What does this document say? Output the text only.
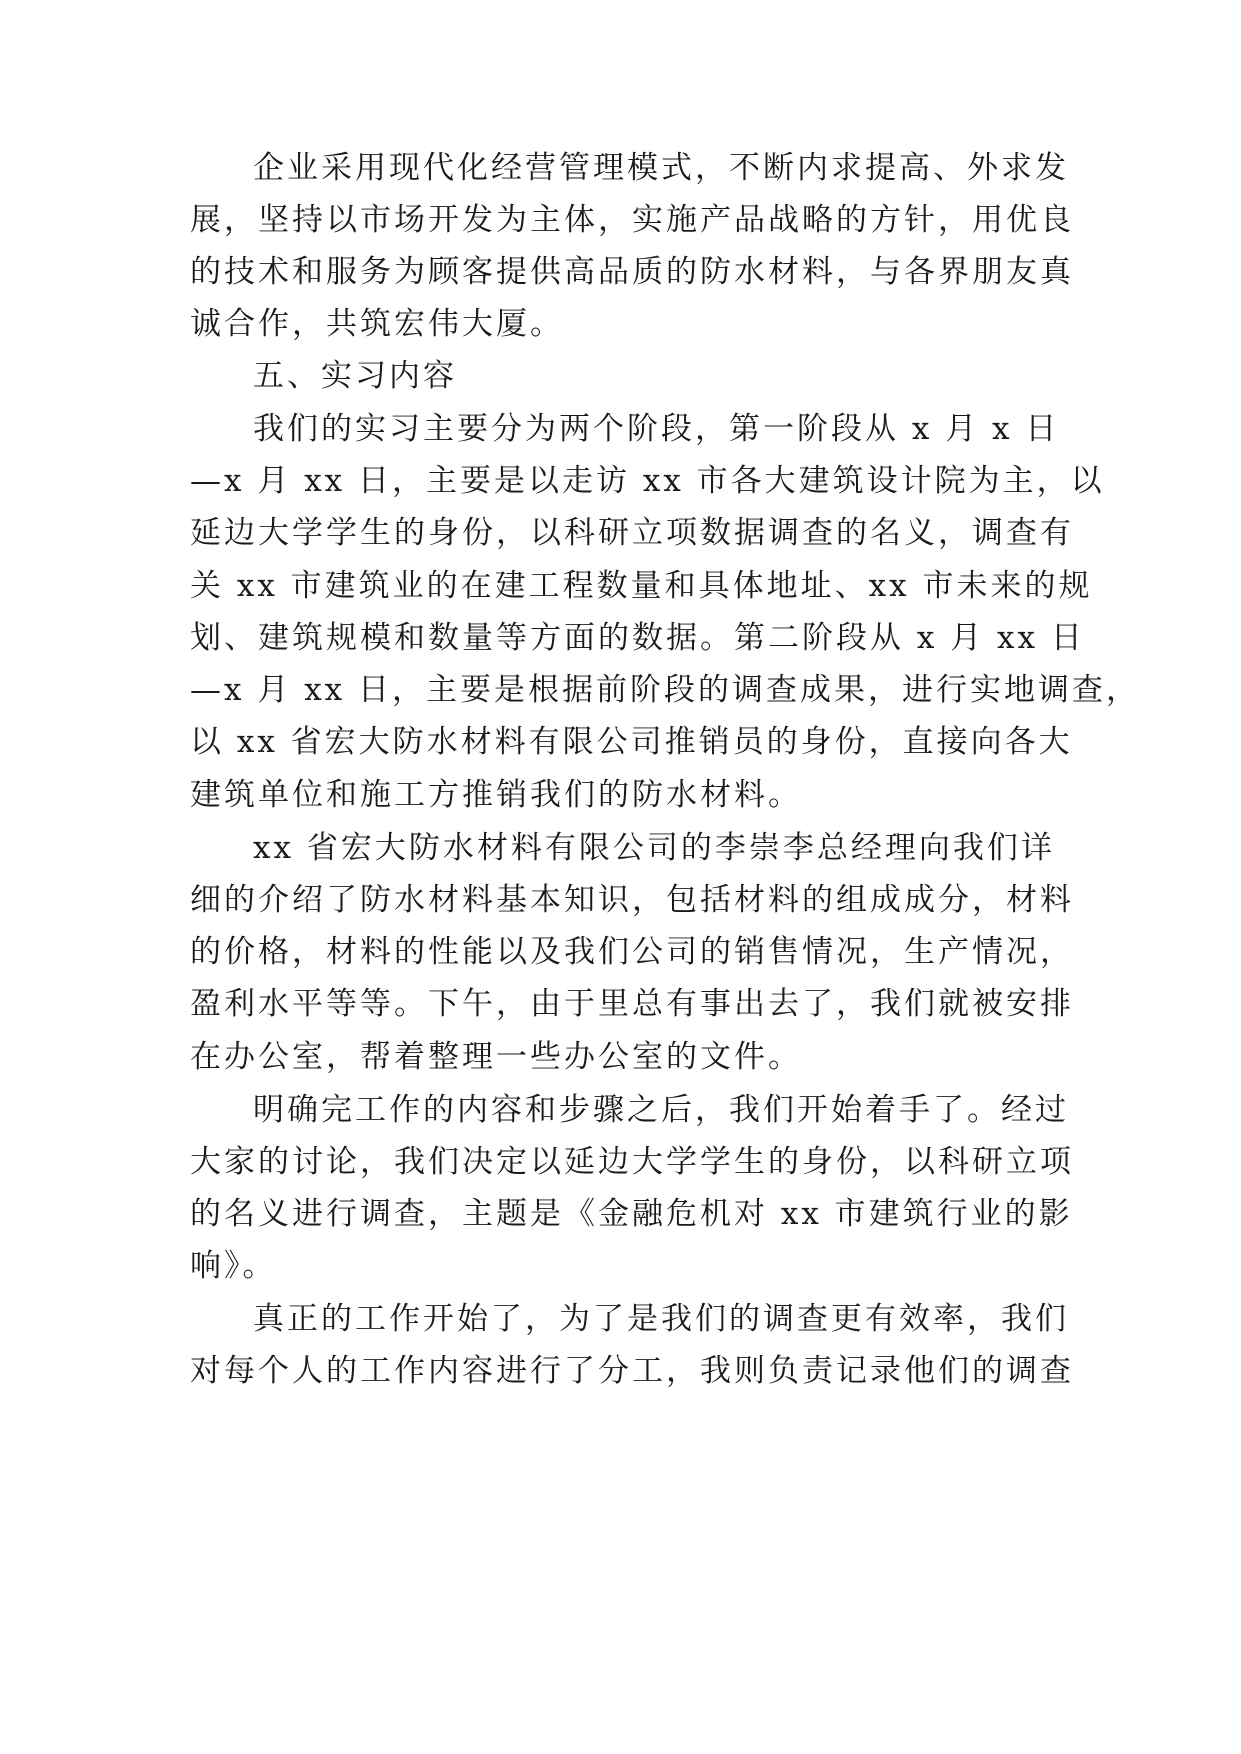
企业采用现代化经营管理模式，不断内求提高、外求发
展，坚持以市场开发为主体，实施产品战略的方针，用优良
的技术和服务为顾客提供高品质的防水材料，与各界朋友真
诚合作，共筑宏伟大厦。
五、实习内容
我们的实习主要分为两个阶段，第一阶段从 x 月 x 日
—x 月 xx 日，主要是以走访 xx 市各大建筑设计院为主，以
延边大学学生的身份，以科研立项数据调查的名义，调查有
关 xx 市建筑业的在建工程数量和具体地址、xx 市未来的规
划、建筑规模和数量等方面的数据。第二阶段从 x 月 xx 日
—x 月 xx 日，主要是根据前阶段的调查成果，进行实地调查，
以 xx 省宏大防水材料有限公司推销员的身份，直接向各大
建筑单位和施工方推销我们的防水材料。
xx 省宏大防水材料有限公司的李崇李总经理向我们详
细的介绍了防水材料基本知识，包括材料的组成成分，材料
的价格，材料的性能以及我们公司的销售情况，生产情况，
盈利水平等等。下午，由于里总有事出去了，我们就被安排
在办公室，帮着整理一些办公室的文件。
明确完工作的内容和步骤之后，我们开始着手了。经过
大家的讨论，我们决定以延边大学学生的身份，以科研立项
的名义进行调查，主题是《金融危机对 xx 市建筑行业的影
响》。
真正的工作开始了，为了是我们的调查更有效率，我们
对每个人的工作内容进行了分工，我则负责记录他们的调查
